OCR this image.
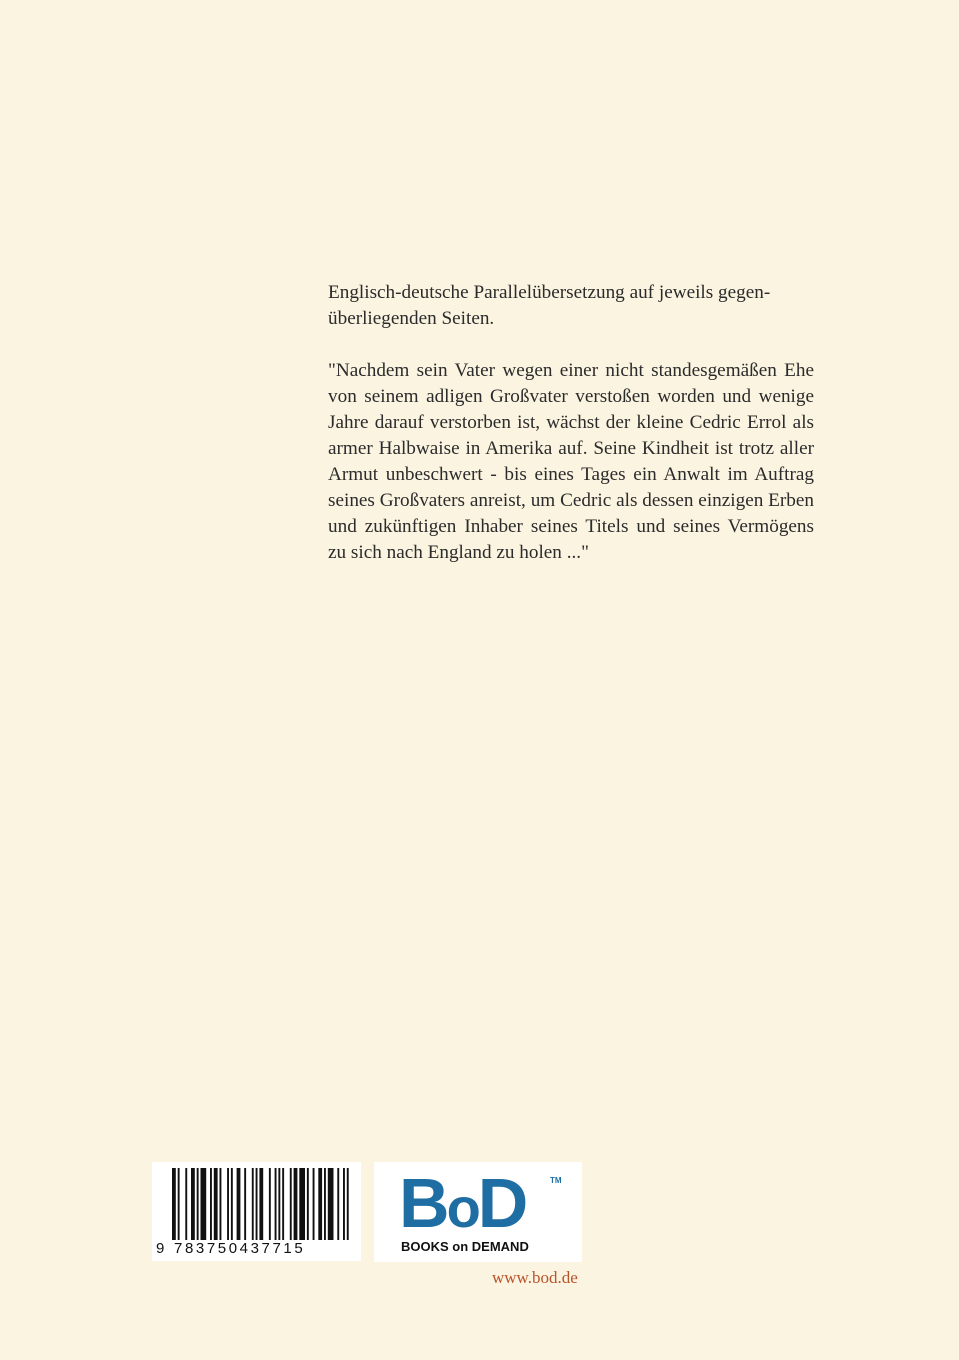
Englisch-deutsche Parallelübersetzung auf jeweils gegen-
überliegenden Seiten.

"Nachdem sein Vater wegen einer nicht standesgemäßen Ehe von seinem adligen Großvater verstoßen worden und wenige Jahre darauf verstorben ist, wächst der kleine Cedric Errol als armer Halbwaise in Amerika auf. Seine Kindheit ist trotz aller Armut unbeschwert - bis eines Tages ein Anwalt im Auftrag seines Großvaters anreist, um Cedric als dessen einzigen Erben und zukünftigen Inhaber seines Titels und seines Vermögens zu sich nach England zu holen ..."

9 783750437715
BoD	TM
BOOKS on DEMAND
www.bod.de
